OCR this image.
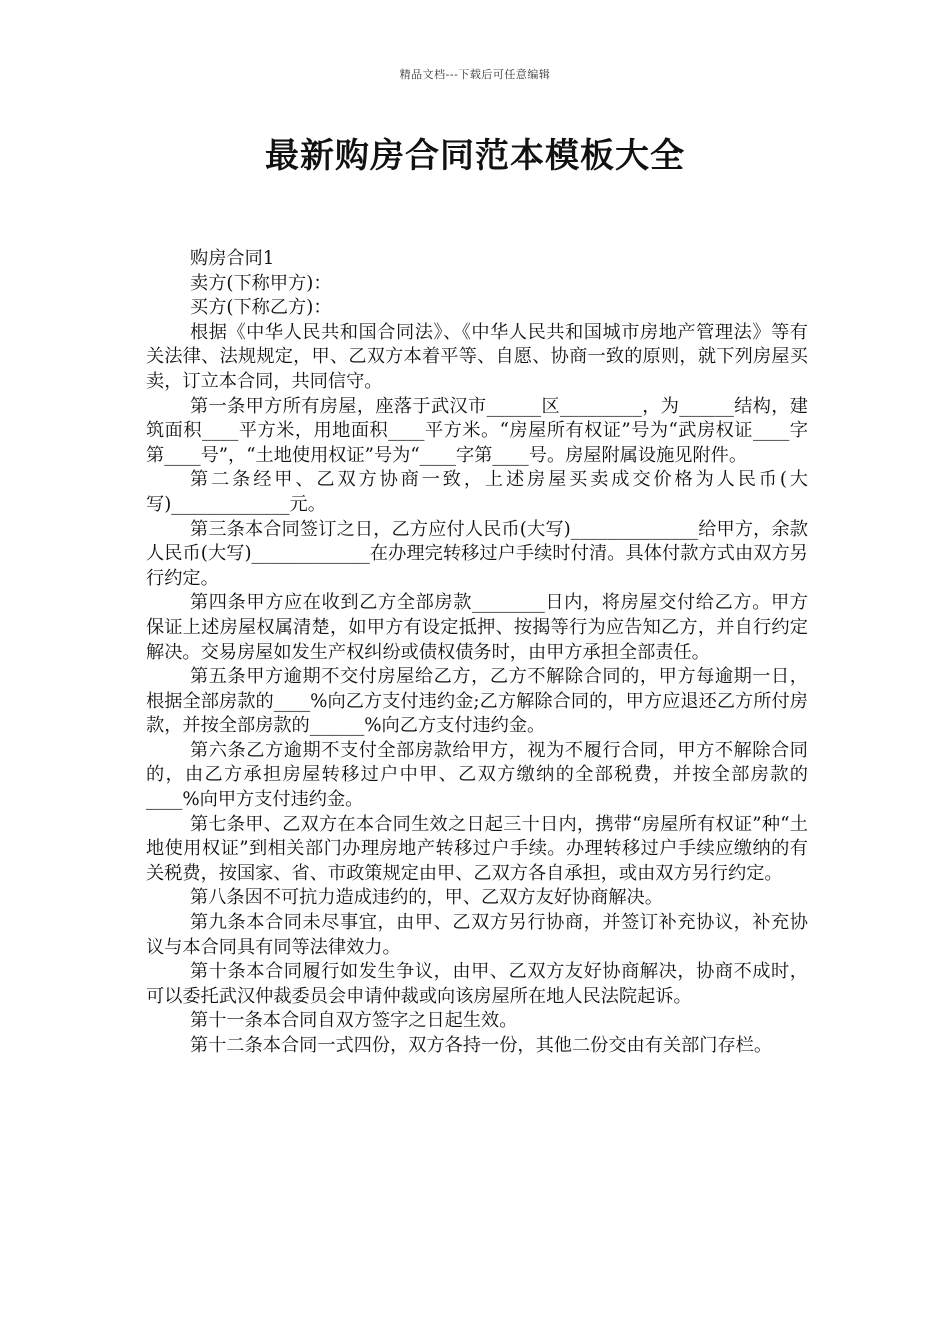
精品文档---下载后可任意编辑
最新购房合同范本模板大全

购房合同1

卖方(下称甲方)：

买方(下称乙方)：

根据《中华人民共和国合同法》、《中华人民共和国城市房地产管理法》等有关法律、法规规定，甲、乙双方本着平等、自愿、协商一致的原则，就下列房屋买卖，订立本合同，共同信守。

第一条甲方所有房屋，座落于武汉市______区_________，为______结构，建筑面积____平方米，用地面积____平方米。“房屋所有权证”号为“武房权证____字第____号”，“土地使用权证”号为“____字第____号。房屋附属设施见附件。

第二条经甲、乙双方协商一致，上述房屋买卖成交价格为人民币(大写)_____________元。

第三条本合同签订之日，乙方应付人民币(大写)______________给甲方，余款人民币(大写)_____________在办理完转移过户手续时付清。具体付款方式由双方另行约定。

第四条甲方应在收到乙方全部房款________日内，将房屋交付给乙方。甲方保证上述房屋权属清楚，如甲方有设定抵押、按揭等行为应告知乙方，并自行约定解决。交易房屋如发生产权纠纷或债权债务时，由甲方承担全部责任。

第五条甲方逾期不交付房屋给乙方，乙方不解除合同的，甲方每逾期一日，根据全部房款的____%向乙方支付违约金;乙方解除合同的，甲方应退还乙方所付房款，并按全部房款的______%向乙方支付违约金。

第六条乙方逾期不支付全部房款给甲方，视为不履行合同，甲方不解除合同的，由乙方承担房屋转移过户中甲、乙双方缴纳的全部税费，并按全部房款的____%向甲方支付违约金。

第七条甲、乙双方在本合同生效之日起三十日内，携带“房屋所有权证”种“土地使用权证”到相关部门办理房地产转移过户手续。办理转移过户手续应缴纳的有关税费，按国家、省、市政策规定由甲、乙双方各自承担，或由双方另行约定。

第八条因不可抗力造成违约的，甲、乙双方友好协商解决。

第九条本合同未尽事宜，由甲、乙双方另行协商，并签订补充协议，补充协议与本合同具有同等法律效力。

第十条本合同履行如发生争议，由甲、乙双方友好协商解决，协商不成时，可以委托武汉仲裁委员会申请仲裁或向该房屋所在地人民法院起诉。

第十一条本合同自双方签字之日起生效。

第十二条本合同一式四份，双方各持一份，其他二份交由有关部门存栏。
